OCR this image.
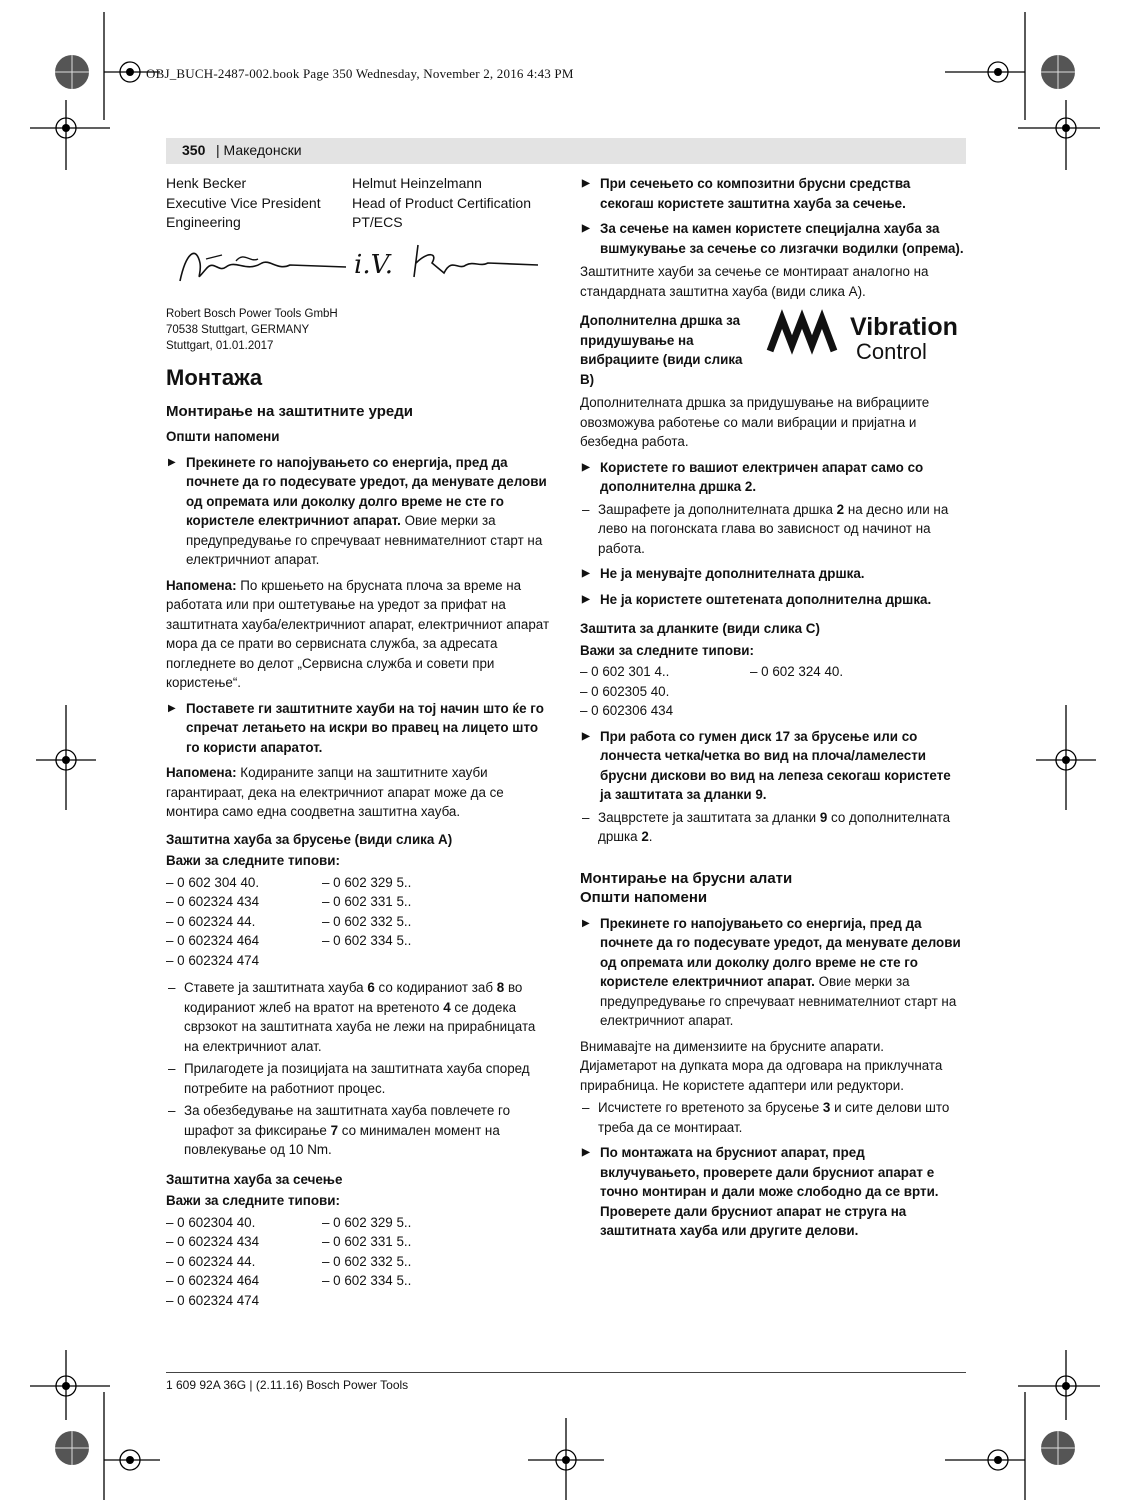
OBJ_BUCH-2487-002.book Page 350 Wednesday, November 2, 2016 4:43 PM
350 | Македонски
Henk Becker
Executive Vice President
Engineering
Helmut Heinzelmann
Head of Product Certification
PT/ECS
i.V.
Robert Bosch Power Tools GmbH
70538 Stuttgart, GERMANY
Stuttgart, 01.01.2017
Монтажа
Монтирање на заштитните уреди
Општи напомени
▶ Прекинете го напојувањето со енергија, пред да почнете да го подесувате уредот, да менувате делови од опремата или доколку долго време не сте го користеле електричниот апарат. Овие мерки за предупредување го спречуваат невнимателниот старт на електричниот апарат.

Напомена: По кршењето на брусната плоча за време на работата или при оштетување на уредот за прифат на заштитната хауба/електричниот апарат, електричниот апарат мора да се прати во сервисната служба, за адресата погледнете во делот „Сервисна служба и совети при користење“.

▶ Поставете ги заштитните хауби на тој начин што ќе го спречат летањето на искри во правец на лицето што го користи апаратот.

Напомена: Кодираните запци на заштитните хауби гарантираат, дека на електричниот апарат може да се монтира само една соодветна заштитна хауба.

Заштитна хауба за брусење (види слика A)
Важи за следните типови:
– 0 602 304 40.	– 0 602 329 5..
– 0 602324 434	– 0 602 331 5..
– 0 602324 44.	– 0 602 332 5..
– 0 602324 464	– 0 602 334 5..
– 0 602324 474
– Ставете ја заштитната хауба 6 со кодираниот заб 8 во кодираниот жлеб на вратот на вретеното 4 се додека сврзокот на заштитната хауба не лежи на прирабницата на електричниот алат.
– Прилагодете ја позицијата на заштитната хауба според потребите на работниот процес.
– За обезбедување на заштитната хауба повлечете го шрафот за фиксирање 7 со минимален момент на повлекување од 10 Nm.
Заштитна хауба за сечење
Важи за следните типови:
– 0 602304 40.	– 0 602 329 5..
– 0 602324 434	– 0 602 331 5..
– 0 602324 44.	– 0 602 332 5..
– 0 602324 464	– 0 602 334 5..
– 0 602324 474
▶ При сечењето со композитни брусни средства секогаш користете заштитна хауба за сечење.
▶ За сечење на камен користете специјална хауба за вшмукување за сечење со лизгачки водилки (опрема).

Заштитните хауби за сечење се монтираат аналогно на стандардната заштитна хауба (види слика A).

Дополнителна дршка за придушување на вибрациите (види слика B)
Vibration
Control

Дополнителната дршка за придушување на вибрациите овозможува работење со мали вибрации и пријатна и безбедна работа.

▶ Користете го вашиот електричен апарат само со дополнителна дршка 2.
– Зашрафете ја дополнителната дршка 2 на десно или на лево на погонската глава во зависност од начинот на работа.
▶ Не ја менувајте дополнителната дршка.
▶ Не ја користете оштетената дополнителна дршка.
Заштита за дланките (види слика C)
Важи за следните типови:
– 0 602 301 4..	– 0 602 324 40.
– 0 602305 40.
– 0 602306 434
▶ При работа со гумен диск 17 за брусење или со лончеста четка/четка во вид на плоча/ламелести брусни дискови во вид на лепеза секогаш користете ја заштитата за дланки 9.
– Зацврстете ја заштитата за дланки 9 со дополнителната дршка 2.
Монтирање на брусни алати
Општи напомени
▶ Прекинете го напојувањето со енергија, пред да почнете да го подесувате уредот, да менувате делови од опремата или доколку долго време не сте го користеле електричниот апарат. Овие мерки за предупредување го спречуваат невнимателниот старт на електричниот апарат.

Внимавајте на димензиите на брусните апарати. Дијаметарот на дупката мора да одговара на приклучната прирабница. Не користете адаптери или редуктори.

– Исчистете го вретеното за брусење 3 и сите делови што треба да се монтираат.
▶ По монтажата на брусниот апарат, пред вклучувањето, проверете дали брусниот апарат е точно монтиран и дали може слободно да се врти. Проверете дали брусниот апарат не струга на заштитната хауба или другите делови.
1 609 92A 36G | (2.11.16) Bosch Power Tools
